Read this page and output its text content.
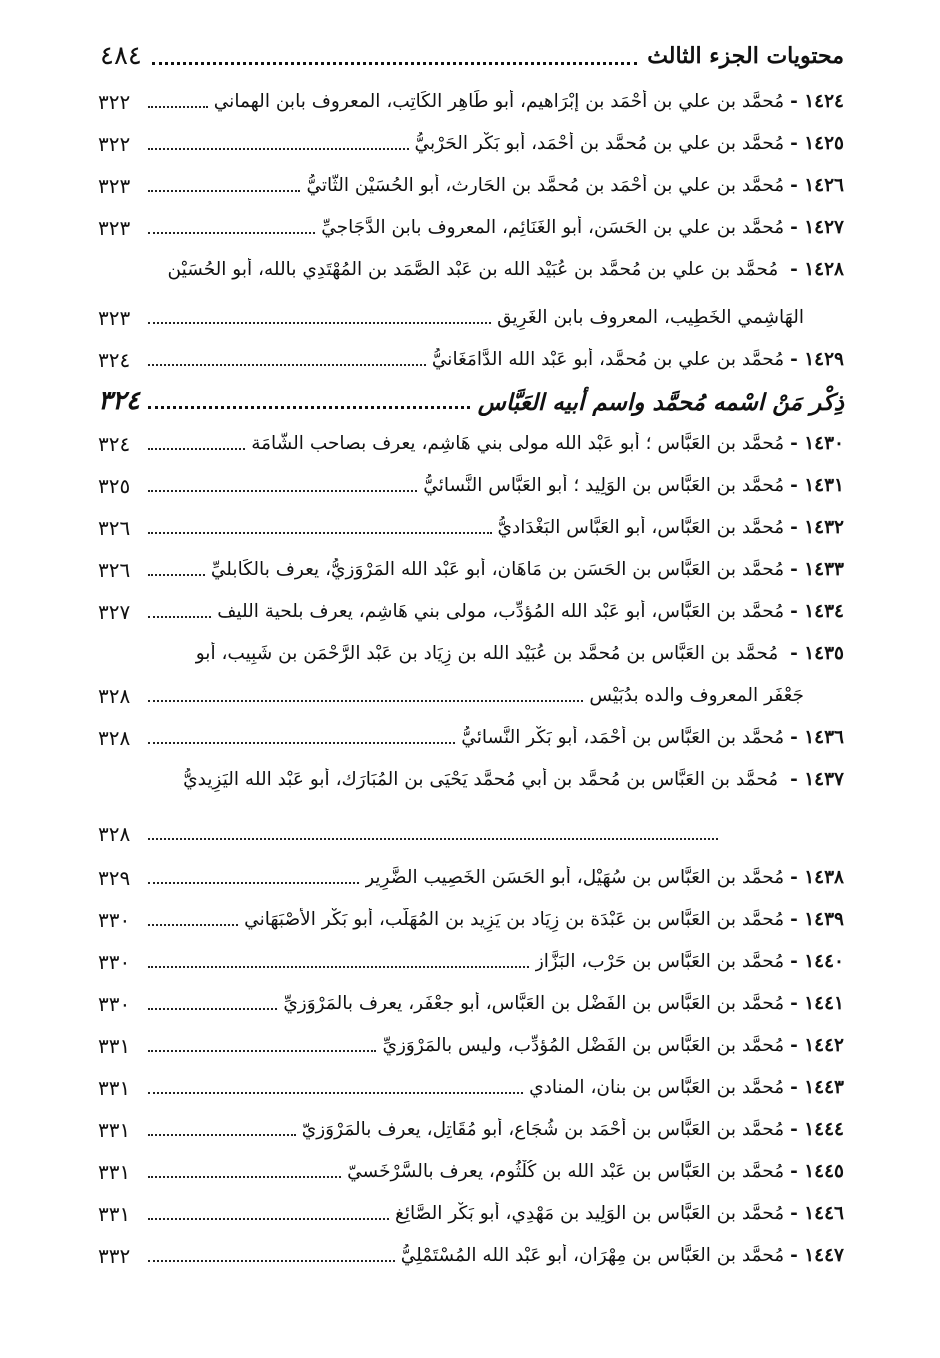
محتويات الجزء الثالث
٤٨٤
١٤٢٤ -
مُحمَّد بن علي بن أحْمَد بن إبْرَاهيم، أبو طَاهِر الكَاتِب، المعروف بابن الهماني
٣٢٢
١٤٢٥ -
مُحمَّد بن علي بن مُحمَّد بن أحْمَد، أبو بَكْر الحَرْبيُّ
٣٢٢
١٤٢٦ -
مُحمَّد بن علي بن أحْمَد بن مُحمَّد بن الحَارث، أبو الحُسَيْن الثَّاتيُّ
٣٢٣
١٤٢٧ -
مُحمَّد بن علي بن الحَسَن، أبو الغَنَائِم، المعروف بابن الدَّجَاجيِّ
٣٢٣
١٤٢٨ - مُحمَّد بن علي بن مُحمَّد بن عُبَيْد الله بن عَبْد الصَّمَد بن المُهْتَدِي بالله، أبو الحُسَيْن
الهَاشِمي الخَطِيب، المعروف بابن الغَرِيق
٣٢٣
١٤٢٩ -
مُحمَّد بن علي بن مُحمَّد، أبو عَبْد الله الدَّامَغَانيُّ
٣٢٤
ذِكْر مَنْ اسْمه مُحمَّد واسم أبيه العَبَّاس
٣٢٤
١٤٣٠ -
مُحمَّد بن العَبَّاس ؛ أبو عَبْد الله مولى بني هَاشِم، يعرف بصاحب الشَّامَة
٣٢٤
١٤٣١ -
مُحمَّد بن العَبَّاس بن الوَلِيد ؛ أبو العَبَّاس النَّسائيُّ
٣٢٥
١٤٣٢ -
مُحمَّد بن العَبَّاس، أبو العَبَّاس البَغْدَاديُّ
٣٢٦
١٤٣٣ -
مُحمَّد بن العَبَّاس بن الحَسَن بن مَاهَان، أبو عَبْد الله المَرْوَزيُّ، يعرف بالكَابليِّ
٣٢٦
١٤٣٤ -
مُحمَّد بن العَبَّاس، أبو عَبْد الله المُؤدِّب، مولى بني هَاشِم، يعرف بلحية الليف
٣٢٧
١٤٣٥ - مُحمَّد بن العَبَّاس بن مُحمَّد بن عُبَيْد الله بن زِيَاد بن عَبْد الرَّحْمَن بن شَبِيب، أبو
جَعْفَر المعروف والده بدُبَيْس
٣٢٨
١٤٣٦ -
مُحمَّد بن العَبَّاس بن أحْمَد، أبو بَكْر النَّسائيُّ
٣٢٨
١٤٣٧ - مُحمَّد بن العَبَّاس بن مُحمَّد بن أبي مُحمَّد يَحْيَى بن المُبَارَك، أبو عَبْد الله اليَزِيديُّ
٣٢٨
١٤٣٨ -
مُحمَّد بن العَبَّاس بن سُهَيْل، أبو الحَسَن الخَصِيب الضَّرِير
٣٢٩
١٤٣٩ -
مُحمَّد بن العَبَّاس بن عَبْدَة بن زِيَاد بن يَزِيد بن المُهَلَّب، أبو بَكْر الأصْبَهَاني
٣٣٠
١٤٤٠ -
مُحمَّد بن العَبَّاس بن حَرْب، البَزَّاز
٣٣٠
١٤٤١ -
مُحمَّد بن العَبَّاس بن الفَضْل بن العَبَّاس، أبو جعْفَر، يعرف بالمَرْوَزيِّ
٣٣٠
١٤٤٢ -
مُحمَّد بن العَبَّاس بن الفَضْل المُؤدِّب، وليس بالمَرْوَزيِّ
٣٣١
١٤٤٣ -
مُحمَّد بن العَبَّاس بن بنان، المنادي
٣٣١
١٤٤٤ -
مُحمَّد بن العَبَّاس بن أحْمَد بن شُجَاع، أبو مُقَاتِل، يعرف بالمَرْوَزيّ
٣٣١
١٤٤٥ -
مُحمَّد بن العَبَّاس بن عَبْد الله بن كُلْثُوم، يعرف بالسَّرْخَسيّ
٣٣١
١٤٤٦ -
مُحمَّد بن العَبَّاس بن الوَلِيد بن مَهْدِي، أبو بَكْر الصَّائِغ
٣٣١
١٤٤٧ -
مُحمَّد بن العَبَّاس بن مِهْرَان، أبو عَبْد الله المُسْتَمْلِيُّ
٣٣٢
